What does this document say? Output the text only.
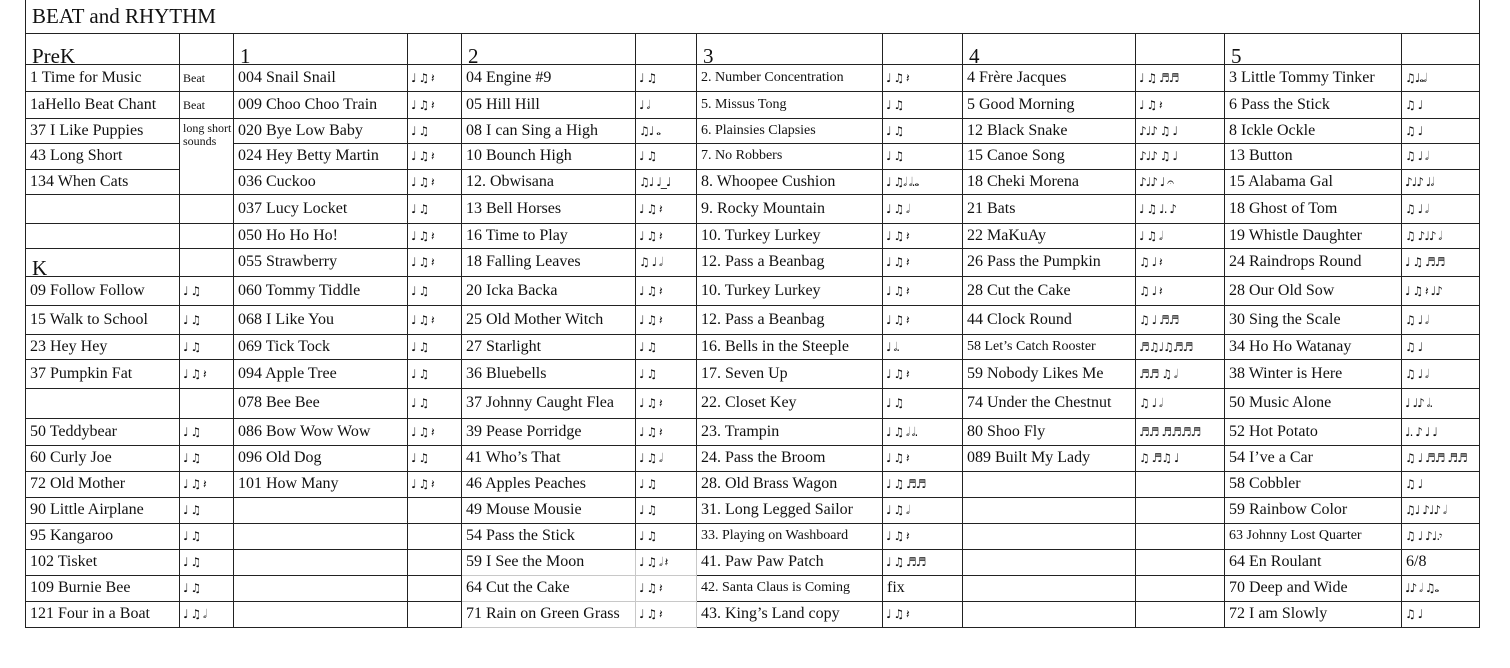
BEAT and RHYTHM											
PreK		1		2		3		4		5	
1 Time for Music	Beat	004 Snail Snail	♩ ♫ 𝄽	04 Engine #9	♩ ♫	2. Number Concentration	♩ ♫ 𝄽	4 Frère Jacques	♩ ♫ ♬♬	3 Little Tommy Tinker	♫♩𝅝𝅗𝅥
1aHello Beat Chant	Beat	009 Choo Choo Train	♩ ♫ 𝄽	05 Hill Hill	♩ 𝅗𝅥	5. Missus Tong	♩ ♫	5 Good Morning	♩ ♫ 𝄽	6 Pass the Stick	♫ ♩
37 I Like Puppies	long short sounds	020 Bye Low Baby	♩ ♫	08 I can Sing a High	♫♩ 𝅝	6. Plainsies Clapsies	♩ ♫	12 Black Snake	♪♩♪ ♫ ♩	8 Ickle Ockle	♫ ♩
43 Long Short		024 Hey Betty Martin	♩ ♫ 𝄽	10 Bounch High	♩ ♫	7. No Robbers	♩ ♫	15 Canoe Song	♪♩♪ ♫ ♩	13 Button	♫ ♩ 𝅗𝅥
134 When Cats		036 Cuckoo	♩ ♫ 𝄽	12. Obwisana	♫♩ ♩_♩	8. Whoopee Cushion	♩ ♫𝅗𝅥 𝅗𝅥.𝅝	18 Cheki Morena	♪♩♪ ♩ 𝄐	15 Alabama Gal	♪♩♪ ♩𝅗𝅥
		037 Lucy Locket	♩ ♫	13 Bell Horses	♩ ♫ 𝄽	9. Rocky Mountain	♩ ♫ 𝅗𝅥	21 Bats	♩ ♫ ♩. ♪	18 Ghost of Tom	♫ ♩ 𝅗𝅥
		050 Ho Ho Ho!	♩ ♫ 𝄽	16 Time to Play	♩ ♫ 𝄽	10. Turkey Lurkey	♩ ♫ 𝄽	22 MaKuAy	♩ ♫ 𝅗𝅥	19 Whistle Daughter	♫ ♪♩♪ 𝅗𝅥
K		055 Strawberry	♩ ♫ 𝄽	18 Falling Leaves	♫ ♩ 𝅗𝅥	12. Pass a Beanbag	♩ ♫ 𝄽	26 Pass the Pumpkin	♫ ♩ 𝄽	24 Raindrops Round	♩ ♫ ♬♬
09 Follow Follow	♩ ♫	060 Tommy Tiddle	♩ ♫	20 Icka Backa	♩ ♫ 𝄽	10. Turkey Lurkey	♩ ♫ 𝄽	28 Cut the Cake	♫ ♩ 𝄽	28 Our Old Sow	♩ ♫ 𝄽 ♩♪
15 Walk to School	♩ ♫	068 I Like You	♩ ♫ 𝄽	25 Old Mother Witch	♩ ♫ 𝄽	12. Pass a Beanbag	♩ ♫ 𝄽	44 Clock Round	♫ ♩ ♬♬	30 Sing the Scale	♫ ♩ 𝅗𝅥
23 Hey Hey	♩ ♫	069 Tick Tock	♩ ♫	27 Starlight	♩ ♫	16. Bells in the Steeple	♩ 𝅗𝅥.	58 Let’s Catch Rooster	♬♫♩♫♬♬	34 Ho Ho Watanay	♫ ♩
37 Pumpkin Fat	♩ ♫ 𝄽	094 Apple Tree	♩ ♫	36 Bluebells	♩ ♫	17. Seven Up	♩ ♫ 𝄽	59 Nobody Likes Me	♬♬ ♫ 𝅗𝅥	38 Winter is Here	♫ ♩ 𝅗𝅥
		078 Bee Bee	♩ ♫	37 Johnny Caught Flea	♩ ♫ 𝄽	22. Closet Key	♩ ♫	74 Under the Chestnut	♫ ♩ 𝅗𝅥	50 Music Alone	♩ ♩♪ 𝅗𝅥.
50 Teddybear	♩ ♫	086 Bow Wow Wow	♩ ♫ 𝄽	39 Pease Porridge	♩ ♫ 𝄽	23. Trampin	♩ ♫ 𝅗𝅥 𝅗𝅥.	80 Shoo Fly	♬♬ ♬♬♬♬	52 Hot Potato	♩. ♪ ♩ ♩
60 Curly Joe	♩ ♫	096 Old Dog	♩ ♫	41 Who’s That	♩ ♫ 𝅗𝅥	24. Pass the Broom	♩ ♫ 𝄽	089 Built My Lady	♫ ♬♫ ♩	54 I’ve a Car	♫ ♩ ♬♬ ♬♬
72 Old Mother	♩ ♫ 𝄽	101 How Many	♩ ♫ 𝄽	46 Apples Peaches	♩ ♫	28. Old Brass Wagon	♩ ♫ ♬♬			58 Cobbler	♫ ♩
90 Little Airplane	♩ ♫			49 Mouse Mousie	♩ ♫	31. Long Legged Sailor	♩ ♫ 𝅗𝅥			59 Rainbow Color	♫♩ ♪♩♪ 𝅗𝅥
95 Kangaroo	♩ ♫			54 Pass the Stick	♩ ♫	33. Playing on Washboard	♩ ♫ 𝄽			63 Johnny Lost Quarter	♫ ♩ ♪♩.𝄾
102 Tisket	♩ ♫			59 I See the Moon	♩ ♫ 𝅗𝅥 𝄽	41. Paw Paw Patch	♩ ♫ ♬♬			64 En Roulant	6/8
109 Burnie Bee	♩ ♫			64 Cut the Cake	♩ ♫ 𝄽	42. Santa Claus is Coming	fix			70 Deep and Wide	♩♪ 𝅗𝅥 ♫𝅝
121 Four in a Boat	♩ ♫ 𝅗𝅥			71 Rain on Green Grass	♩ ♫ 𝄽	43. King’s Land copy	♩ ♫ 𝄽			72 I am Slowly	♫ ♩
